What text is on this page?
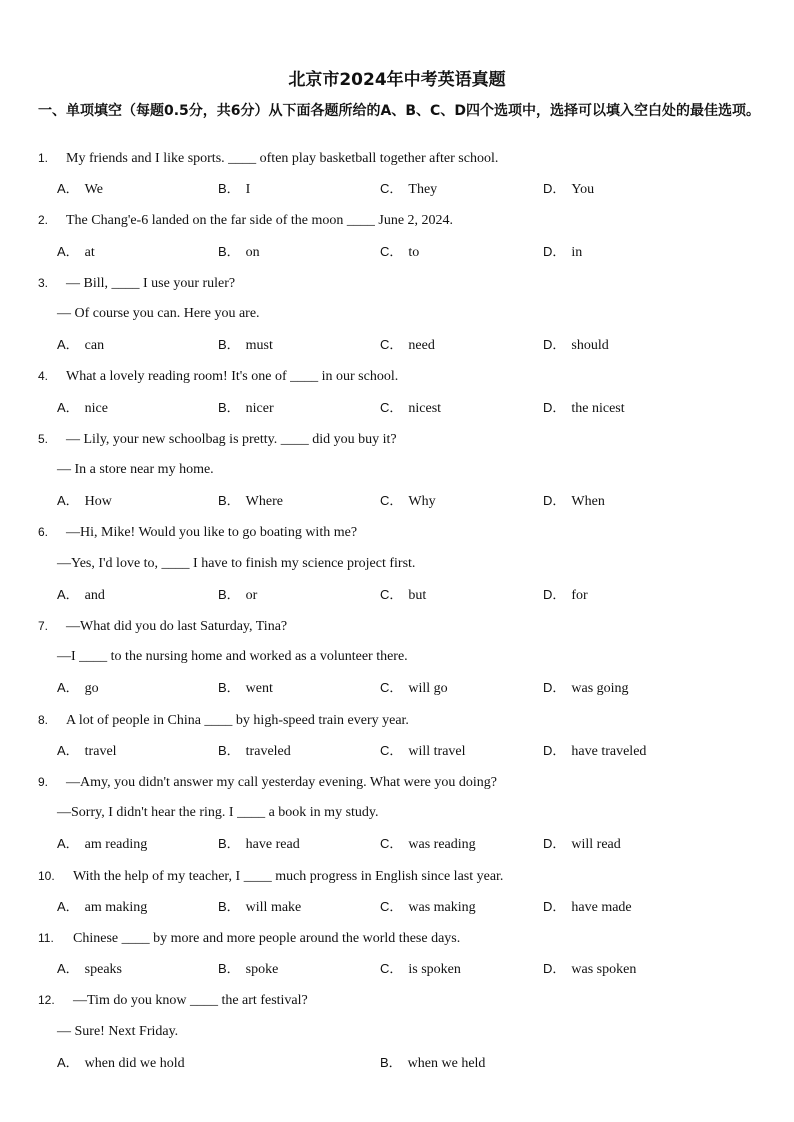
北京市2024年中考英语真题
一、单项填空（每题0.5分，共6分）从下面各题所给的A、B、C、D四个选项中，选择可以填入空白处的最佳选项。
1. My friends and I like sports. ____ often play basketball together after school.
A． We	B． I	C． They	D． You
2. The Chang'e-6 landed on the far side of the moon ____ June 2, 2024.
A． at	B． on	C． to	D． in
3. — Bill, ____ I use your ruler?
— Of course you can. Here you are.
A． can	B． must	C． need	D． should
4. What a lovely reading room! It's one of ____ in our school.
A． nice	B． nicer	C． nicest	D． the nicest
5. — Lily, your new schoolbag is pretty. ____ did you buy it?
— In a store near my home.
A． How	B． Where	C． Why	D． When
6. —Hi, Mike! Would you like to go boating with me?
—Yes, I'd love to, ____ I have to finish my science project first.
A． and	B． or	C． but	D． for
7. —What did you do last Saturday, Tina?
—I ____ to the nursing home and worked as a volunteer there.
A． go	B． went	C． will go	D． was going
8. A lot of people in China ____ by high-speed train every year.
A． travel	B． traveled	C． will travel	D． have traveled
9. —Amy, you didn't answer my call yesterday evening. What were you doing?
—Sorry, I didn't hear the ring. I ____ a book in my study.
A． am reading	B． have read	C． was reading	D． will read
10. With the help of my teacher, I ____ much progress in English since last year.
A． am making	B． will make	C． was making	D． have made
11. Chinese ____ by more and more people around the world these days.
A． speaks	B． spoke	C． is spoken	D． was spoken
12. —Tim do you know ____ the art festival?
— Sure! Next Friday.
A． when did we hold	B． when we held
